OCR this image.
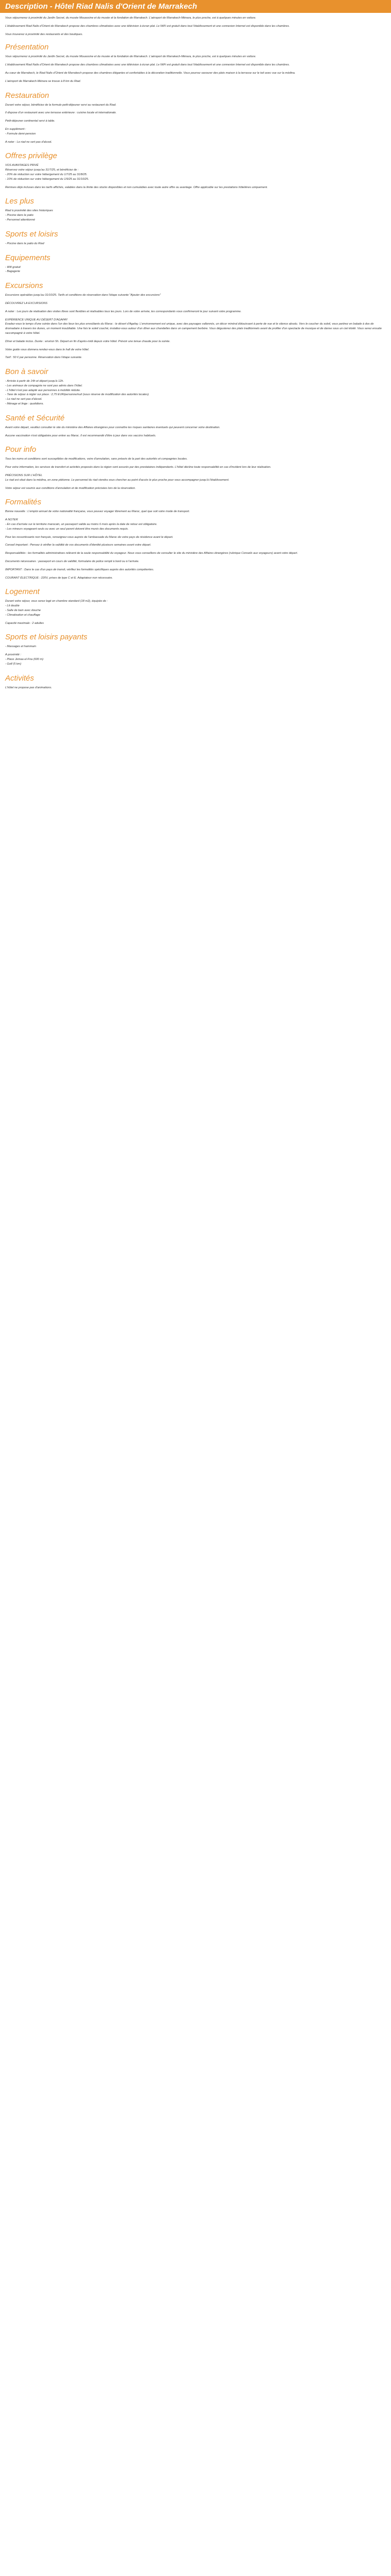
Description - Hôtel Riad Nalis d'Orient de Marrakech

Vous séjournerez à proximité du Jardin Secret, du musée Mouassine et du musée et la fondation de Marrakech. L'aéroport de Marrakech-Ménara, le plus proche, est à quelques minutes en voiture.

L'établissement Riad Nalis d'Orient de Marrakech propose des chambres climatisées avec une télévision à écran plat. Le WiFi est gratuit dans tout l'établissement et une connexion Internet est disponible dans les chambres.

Vous trouverez à proximité des restaurants et des boutiques.

Présentation

Vous séjournerez à proximité du Jardin Secret, du musée Mouassine et du musée et la fondation de Marrakech. L'aéroport de Marrakech-Ménara, le plus proche, est à quelques minutes en voiture.

L'établissement Riad Nalis d'Orient de Marrakech propose des chambres climatisées avec une télévision à écran plat. Le WiFi est gratuit dans tout l'établissement et une connexion Internet est disponible dans les chambres.

Au cœur de Marrakech, le Riad Nalis d'Orient de Marrakech propose des chambres élégantes et confortables à la décoration traditionnelle. Vous pourrez savourer des plats maison à la terrasse sur le toit avec vue sur la médina.

L'aéroport de Marrakech-Ménara se trouve à 8 km du Riad.

Restauration

Durant votre séjour, bénéficiez de la formule petit-déjeuner servi au restaurant du Riad.

Il dispose d'un restaurant avec une terrasse extérieure : cuisine locale et internationale.

Petit-déjeuner continental servi à table.

En supplément :
- Formule demi-pension

A noter : Le riad ne sert pas d'alcool.

Offres privilège

VOS AVANTAGES PRIVÉ
Réservez votre séjour jusqu'au 31/7/25, et bénéficiez de :
- 20% de réduction sur votre hébergement du 1/7/25 au 31/8/25.
- 10% de réduction sur votre hébergement du 1/9/25 au 31/10/25.

Remises déjà incluses dans les tarifs affichés, valables dans la limite des stocks disponibles et non cumulables avec toute autre offre ou avantage. Offre applicable sur les prestations hôtelières uniquement.

Les plus

Riad à proximité des sites historiques
- Piscine dans le patio
- Personnel attentionné

Sports et loisirs

- Piscine dans le patio du Riad

Equipements

- Wifi gratuit
- Bagagerie

Excursions

Excursions opérables jusqu'au 31/10/25. Tarifs et conditions de réservation dans l'étape suivante "Ajouter des excursions"

DÉCOUVREZ LA EXCURSIONS

A noter : Les jours de réalisation des visites libres sont flexibles et réalisables tous les jours. Lors de votre arrivée, les correspondants vous confirmeront le jour suivant votre programme.

EXPÉRIENCE UNIQUE AU DÉSERT D'AGAFAY
Evadez-vous le temps d'une soirée dans l'un des lieux les plus envoûtants du Maroc : le désert d'Agafay. L'environnement est unique, avec des paysages vallonnés, un décor minéral éblouissant à perte de vue et le silence absolu. Vers le coucher du soleil, vous partirez en balade à dos de dromadaire à travers les dunes, un moment inoubliable. Une fois le soleil couché, installez-vous autour d'un dîner aux chandelles dans un campement berbère. Vous dégusterez des plats traditionnels avant de profiter d'un spectacle de musique et de danse sous un ciel étoilé. Vous serez ensuite raccompagné à votre hôtel.

Dîner et balade inclus. Durée : environ 5h. Départ en fin d'après-midi depuis votre hôtel. Prévoir une tenue chaude pour la soirée.

Votre guide vous donnera rendez-vous dans le hall de votre hôtel.

Tarif : 50 € par personne. Réservation dans l'étape suivante.

Bon à savoir

- Arrivée à partir de 14h et départ jusqu'à 12h.
- Les animaux de compagnie ne sont pas admis dans l'hôtel.
- L'hôtel n'est pas adapté aux personnes à mobilité réduite.
- Taxe de séjour à régler sur place : 2,75 EUR/personne/nuit (sous réserve de modification des autorités locales).
- Le riad ne sert pas d'alcool.
- Ménage et linge : quotidiens.

Santé et Sécurité

Avant votre départ, veuillez consulter le site du ministère des Affaires étrangères pour connaître les risques sanitaires éventuels qui peuvent concerner votre destination.

Aucune vaccination n'est obligatoire pour entrer au Maroc. Il est recommandé d'être à jour dans vos vaccins habituels.

Pour info

Tous les noms et conditions sont susceptibles de modifications, voire d'annulation, sans préavis de la part des autorités et compagnies locales.

Pour votre information, les services de transfert et activités proposés dans la région sont assurés par des prestataires indépendants. L'hôtel décline toute responsabilité en cas d'incident lors de leur réalisation.

PRÉCISIONS SUR L'HÔTEL
Le riad est situé dans la médina, en zone piétonne. Le personnel du riad viendra vous chercher au point d'accès le plus proche pour vous accompagner jusqu'à l'établissement.

Votre séjour est soumis aux conditions d'annulation et de modification précisées lors de la réservation.

Formalités

Bonne nouvelle : L'emploi annuel de votre nationalité française, vous pouvez voyager librement au Maroc, quel que soit votre mode de transport.

A NOTER
- En cas d'arrivée sur le territoire marocain, un passeport valide au moins 6 mois après la date de retour est obligatoire.
- Les mineurs voyageant seuls ou avec un seul parent doivent être munis des documents requis.

Pour les ressortissants non français, renseignez-vous auprès de l'ambassade du Maroc de votre pays de résidence avant le départ.

Conseil important : Pensez à vérifier la validité de vos documents d'identité plusieurs semaines avant votre départ.

Responsabilités : les formalités administratives relèvent de la seule responsabilité du voyageur. Nous vous conseillons de consulter le site du ministère des Affaires étrangères (rubrique Conseils aux voyageurs) avant votre départ.

Documents nécessaires : passeport en cours de validité, formulaire de police rempli à bord ou à l'arrivée.

IMPORTANT : Dans le cas d'un pays de transit, vérifiez les formalités spécifiques auprès des autorités compétentes.

COURANT ÉLECTRIQUE : 220V, prises de type C et E. Adaptateur non nécessaire.

Logement

Durant votre séjour, vous serez logé en chambre standard (18 m2), équipée de :
- Lit double
- Salle de bain avec douche
- Climatisation et chauffage

Capacité maximale : 2 adultes

Sports et loisirs payants

- Massages et hammam

A proximité :
- Place Jemaa el-Fna (600 m)
- Golf (5 km)

Activités

L'hôtel ne propose pas d'animations.
